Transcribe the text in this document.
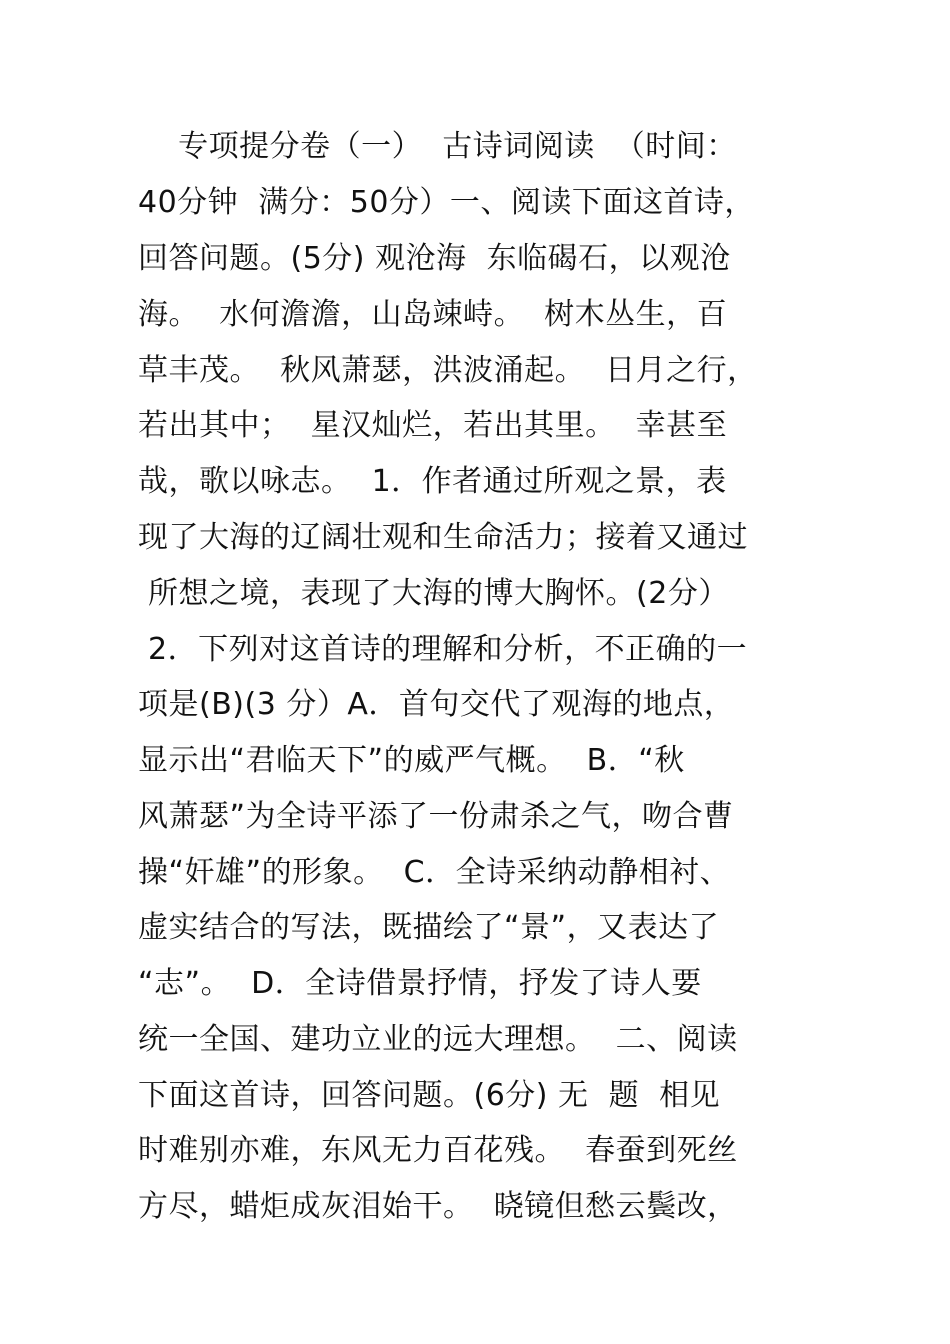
专项提分卷（一）  古诗词阅读  （时间：

40分钟  满分：50分）一、阅读下面这首诗，

回答问题。(5分) 观沧海  东临碣石，以观沧

海。  水何澹澹，山岛竦峙。  树木丛生，百

草丰茂。  秋风萧瑟，洪波涌起。  日月之行，

若出其中；  星汉灿烂，若出其里。  幸甚至

哉，歌以咏志。  1．作者通过所观之景，表

现了大海的辽阔壮观和生命活力；接着又通过

所想之境，表现了大海的博大胸怀。(2分）

2．下列对这首诗的理解和分析，不正确的一

项是(B)(3 分）A．首句交代了观海的地点，

显示出“君临天下”的威严气概。  B．“秋

风萧瑟”为全诗平添了一份肃杀之气，吻合曹

操“奸雄”的形象。  C．全诗采纳动静相衬、

虚实结合的写法，既描绘了“景”，又表达了

“志”。  D．全诗借景抒情，抒发了诗人要

统一全国、建功立业的远大理想。  二、阅读

下面这首诗，回答问题。(6分) 无  题  相见

时难别亦难，东风无力百花残。  春蚕到死丝

方尽，蜡炬成灰泪始干。  晓镜但愁云鬓改，
